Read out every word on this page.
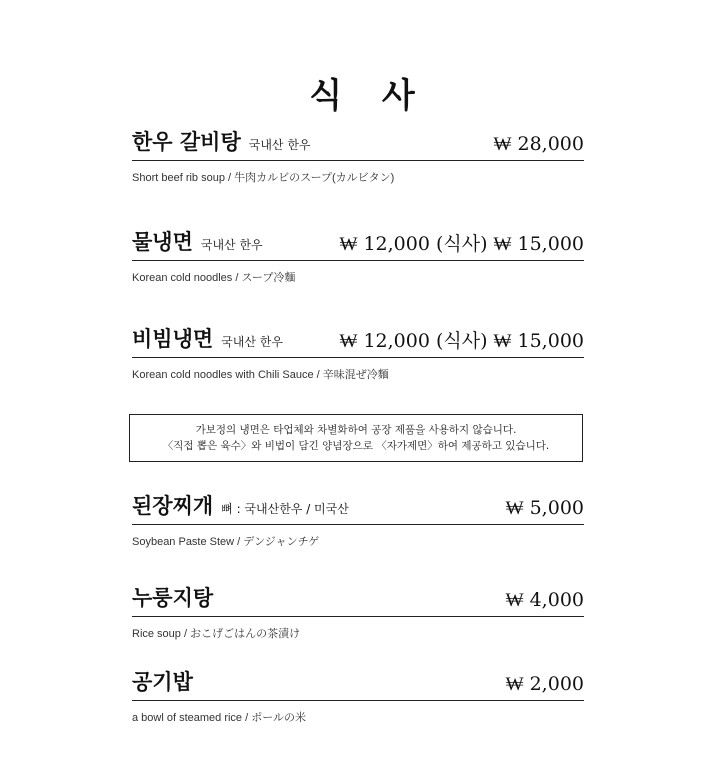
식 사
한우 갈비탕 국내산 한우	₩ 28,000
Short beef rib soup / 牛肉カルビのスープ(カルビタン)
물냉면 국내산 한우	₩ 12,000 (식사) ₩ 15,000
Korean cold noodles / スープ冷麵
비빔냉면 국내산 한우	₩ 12,000 (식사) ₩ 15,000
Korean cold noodles with Chili Sauce / 辛味混ぜ冷麵
가보정의 냉면은 타업체와 차별화하여 공장 제품을 사용하지 않습니다.
〈직접 뽑은 육수〉와 비법이 담긴 양념장으로 〈자가제면〉하여 제공하고 있습니다.
된장찌개 뼈 : 국내산한우 / 미국산	₩ 5,000
Soybean Paste Stew / デンジャンチゲ
누룽지탕	₩ 4,000
Rice soup / おこげごはんの茶漬け
공기밥	₩ 2,000
a bowl of steamed rice / ポールの米
